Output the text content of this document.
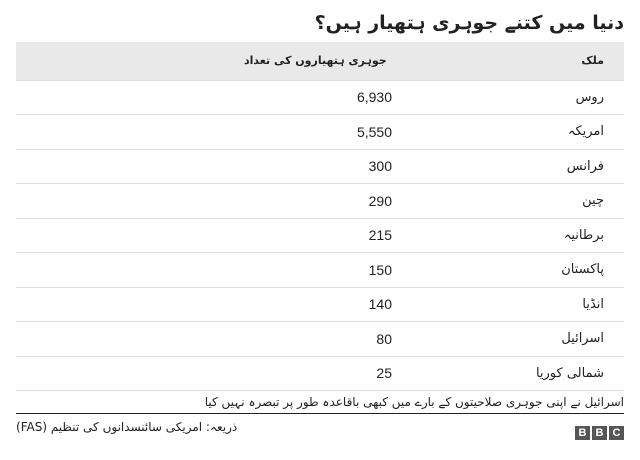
دنیا میں کتنے جوہری ہتھیار ہیں؟
ملک	جوہری ہتھیاروں کی تعداد
روس	6,930
امریکہ	5,550
فرانس	300
چین	290
برطانیہ	215
پاکستان	150
انڈیا	140
اسرائیل	80
شمالی کوریا	25
اسرائیل نے اپنی جوہری صلاحیتوں کے بارے میں کبھی باقاعدہ طور پر تبصرہ نہیں کیا
B B C
ذریعہ: امریکی سائنسدانوں کی تنظیم (FAS)
